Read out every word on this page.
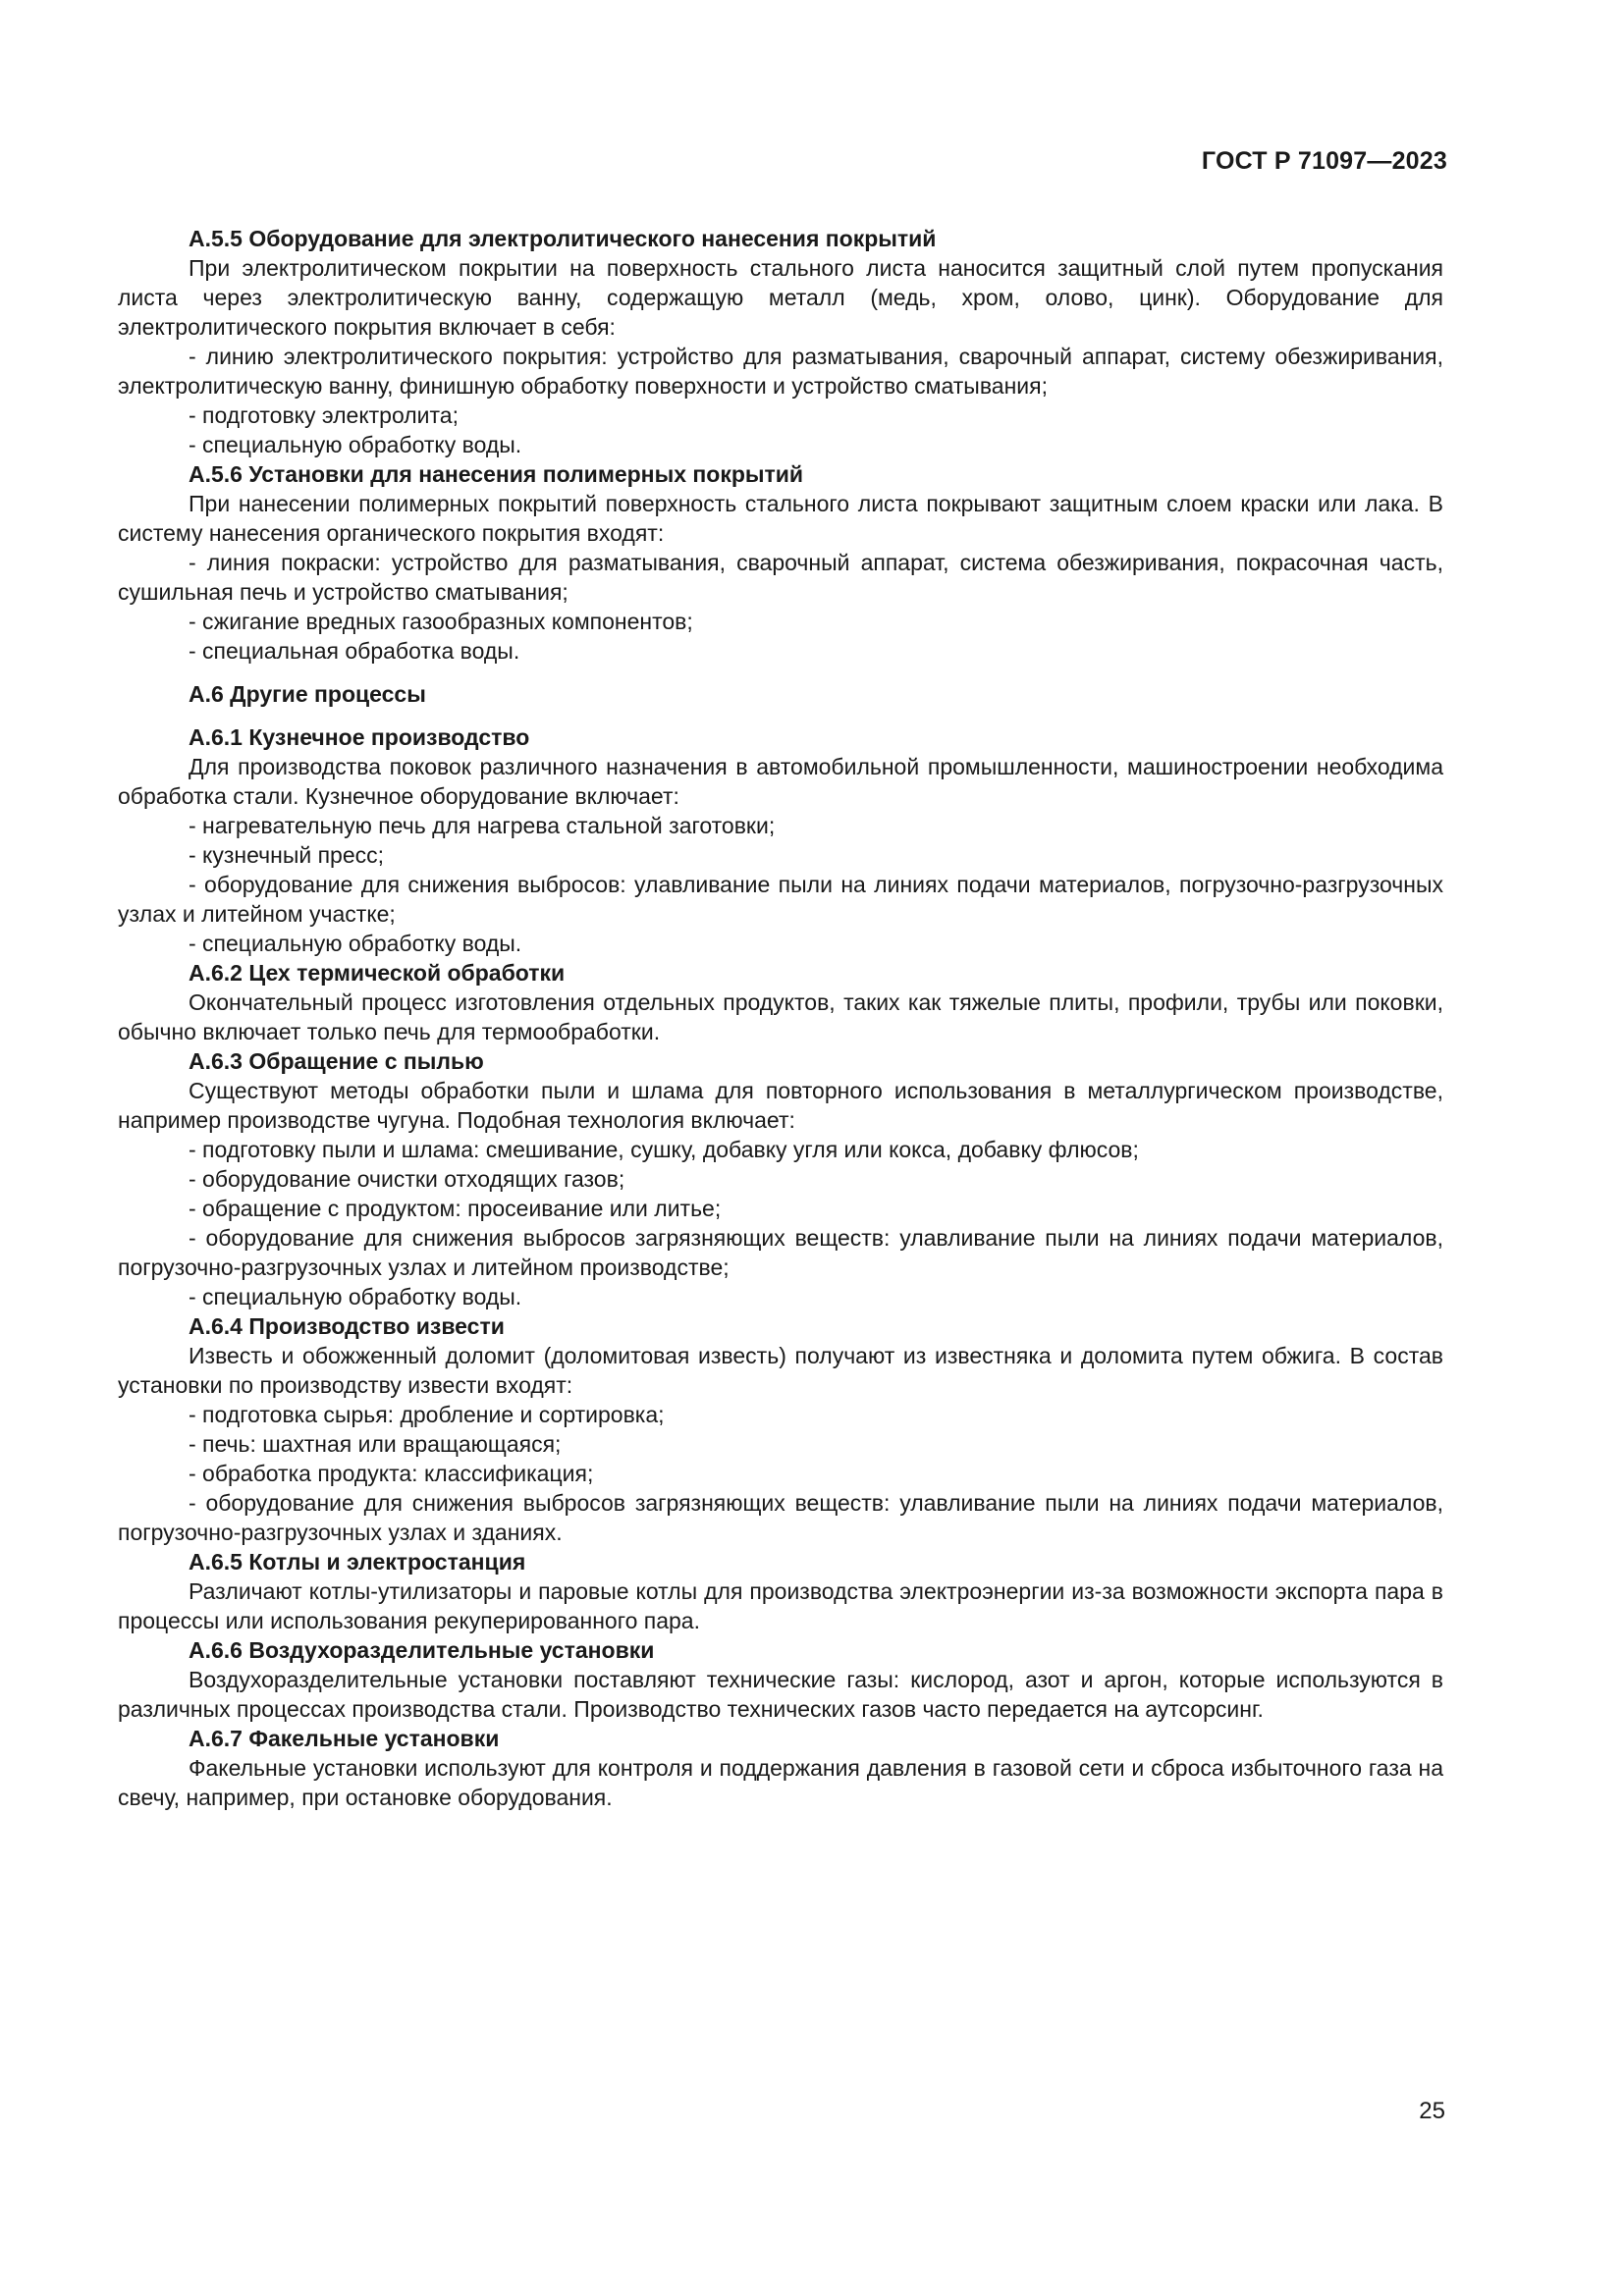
ГОСТ Р 71097—2023
А.5.5 Оборудование для электролитического нанесения покрытий
При электролитическом покрытии на поверхность стального листа наносится защитный слой путем пропускания листа через электролитическую ванну, содержащую металл (медь, хром, олово, цинк). Оборудование для электролитического покрытия включает в себя:
- линию электролитического покрытия: устройство для разматывания, сварочный аппарат, систему обезжиривания, электролитическую ванну, финишную обработку поверхности и устройство сматывания;
- подготовку электролита;
- специальную обработку воды.
А.5.6 Установки для нанесения полимерных покрытий
При нанесении полимерных покрытий поверхность стального листа покрывают защитным слоем краски или лака. В систему нанесения органического покрытия входят:
- линия покраски: устройство для разматывания, сварочный аппарат, система обезжиривания, покрасочная часть, сушильная печь и устройство сматывания;
- сжигание вредных газообразных компонентов;
- специальная обработка воды.
А.6 Другие процессы
А.6.1 Кузнечное производство
Для производства поковок различного назначения в автомобильной промышленности, машиностроении необходима обработка стали. Кузнечное оборудование включает:
- нагревательную печь для нагрева стальной заготовки;
- кузнечный пресс;
- оборудование для снижения выбросов: улавливание пыли на линиях подачи материалов, погрузочно-разгрузочных узлах и литейном участке;
- специальную обработку воды.
А.6.2 Цех термической обработки
Окончательный процесс изготовления отдельных продуктов, таких как тяжелые плиты, профили, трубы или поковки, обычно включает только печь для термообработки.
А.6.3 Обращение с пылью
Существуют методы обработки пыли и шлама для повторного использования в металлургическом производстве, например производстве чугуна. Подобная технология включает:
- подготовку пыли и шлама: смешивание, сушку, добавку угля или кокса, добавку флюсов;
- оборудование очистки отходящих газов;
- обращение с продуктом: просеивание или литье;
- оборудование для снижения выбросов загрязняющих веществ: улавливание пыли на линиях подачи материалов, погрузочно-разгрузочных узлах и литейном производстве;
- специальную обработку воды.
А.6.4 Производство извести
Известь и обожженный доломит (доломитовая известь) получают из известняка и доломита путем обжига. В состав установки по производству извести входят:
- подготовка сырья: дробление и сортировка;
- печь: шахтная или вращающаяся;
- обработка продукта: классификация;
- оборудование для снижения выбросов загрязняющих веществ: улавливание пыли на линиях подачи материалов, погрузочно-разгрузочных узлах и зданиях.
А.6.5 Котлы и электростанция
Различают котлы-утилизаторы и паровые котлы для производства электроэнергии из-за возможности экспорта пара в процессы или использования рекуперированного пара.
А.6.6 Воздухоразделительные установки
Воздухоразделительные установки поставляют технические газы: кислород, азот и аргон, которые используются в различных процессах производства стали. Производство технических газов часто передается на аутсорсинг.
А.6.7 Факельные установки
Факельные установки используют для контроля и поддержания давления в газовой сети и сброса избыточного газа на свечу, например, при остановке оборудования.
25
